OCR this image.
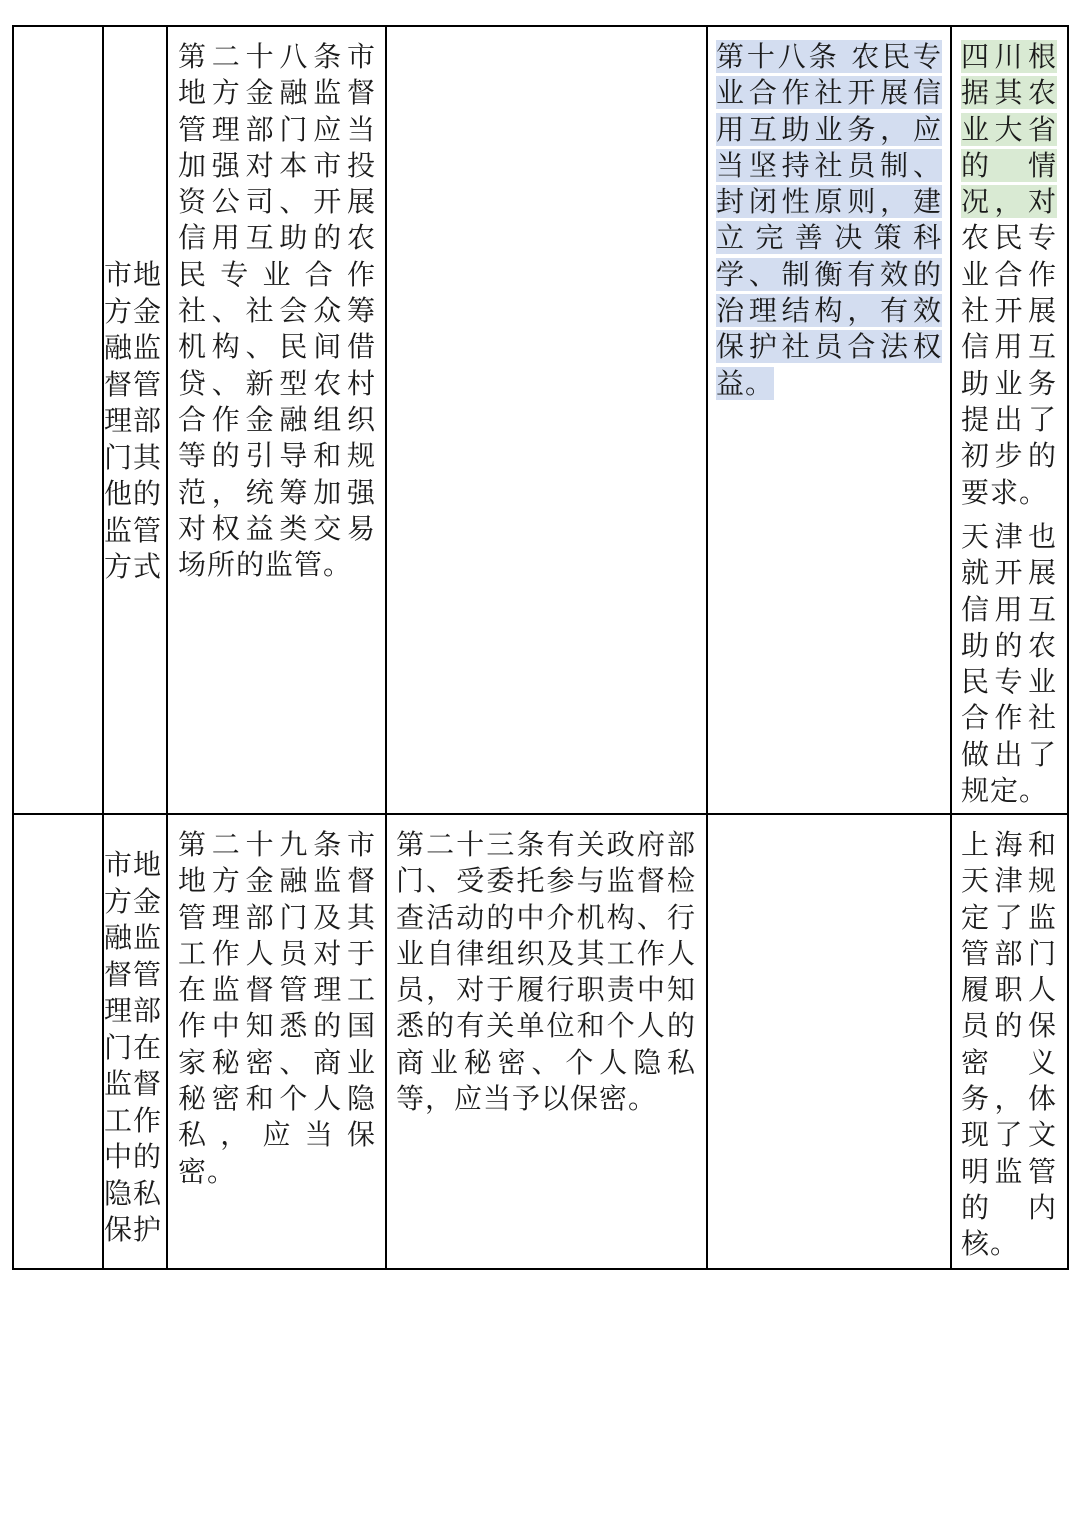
市地方金融监督管理部门其他的监管方式
第二十八条市地方金融监督管理部门应当加强对本市投资公司、开展信用互助的农民专业合作社、社会众筹机构、民间借贷、新型农村合作金融组织等的引导和规范，统筹加强对权益类交易场所的监管。
第十八条 农民专业合作社开展信用互助业务，应当坚持社员制、封闭性原则，建立完善决策科学、制衡有效的治理结构，有效保护社员合法权益。
四川根据其农业大省的情况，对农民专业合作社开展信用互助业务提出了初步的要求。
天津也就开展信用互助的农民专业合作社做出了规定。
市地方金融监督管理部门在监督工作中的隐私保护
第二十九条市地方金融监督管理部门及其工作人员对于在监督管理工作中知悉的国家秘密、商业秘密和个人隐私，应当保密。
第二十三条有关政府部门、受委托参与监督检查活动的中介机构、行业自律组织及其工作人员，对于履行职责中知悉的有关单位和个人的商业秘密、个人隐私等，应当予以保密。
上海和天津规定了监管部门履职人员的保密义务，体现了文明监管的内核。
